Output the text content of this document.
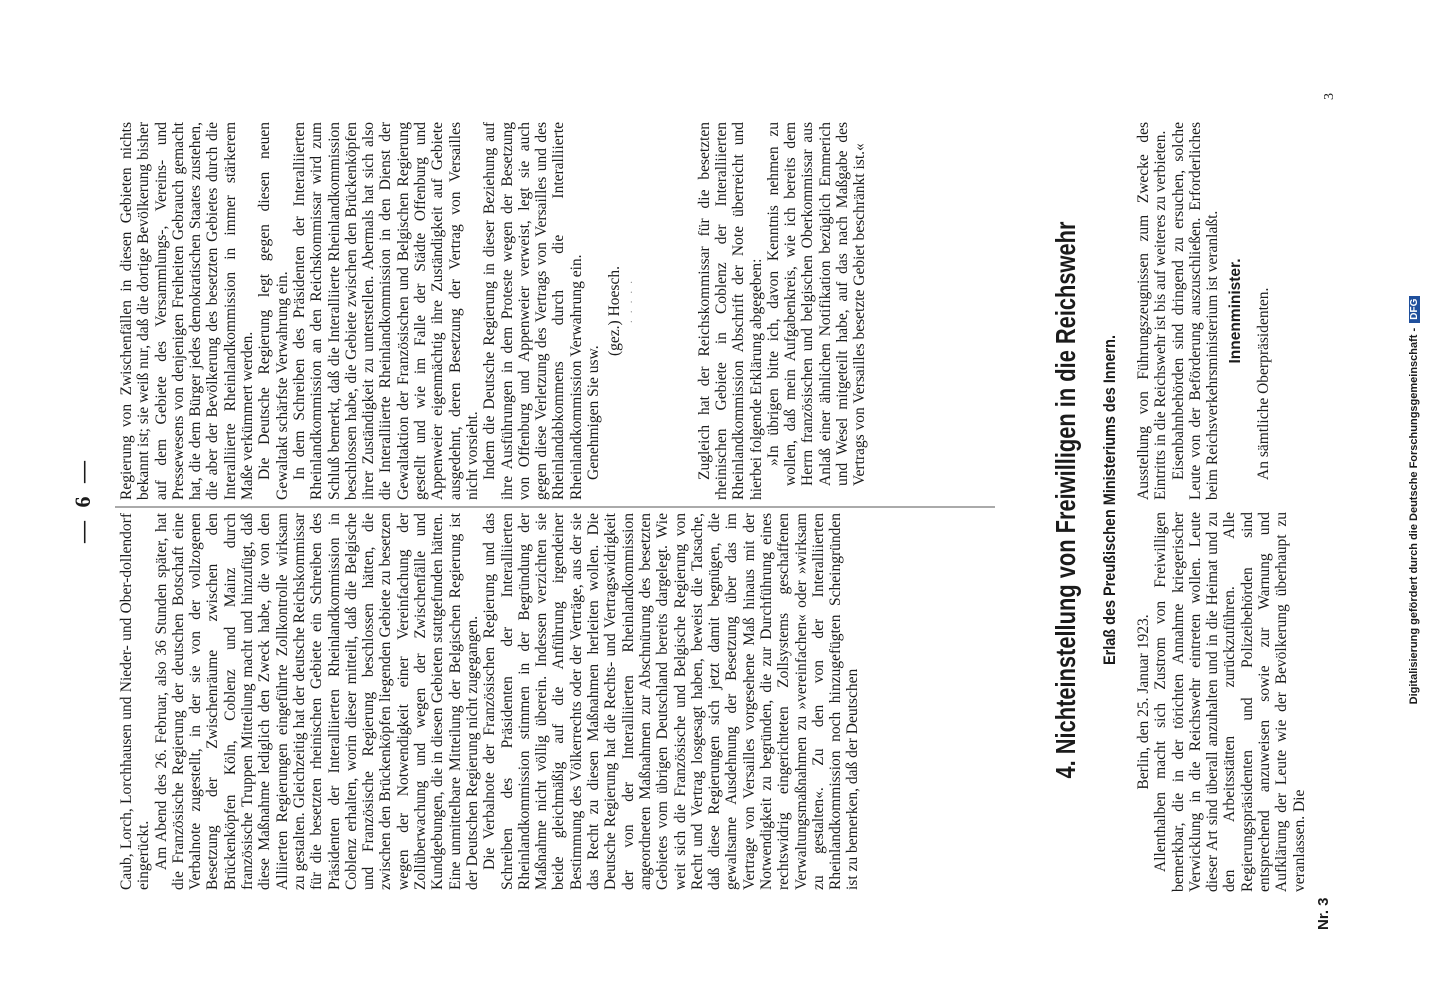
— 6 —

Caub, Lorch, Lorchhausen und Nieder- und Ober-dollendorf eingerückt. Am Abend des 26. Februar, also 36 Stunden später, hat die Französische Regierung der deutschen Botschaft eine Verbalnote zugestellt, in der sie von der vollzogenen Besetzung der Zwischenräume zwischen den Brückenköpfen Köln, Coblenz und Mainz durch französische Truppen Mitteilung macht und hinzufügt, daß diese Maßnahme lediglich den Zweck habe, die von den Alliierten Regierungen eingeführte Zollkontrolle wirksam zu gestalten. Gleichzeitig hat der deutsche Reichskommissar für die besetzten rheinischen Gebiete ein Schreiben des Präsidenten der Interalliierten Rheinlandkommission in Coblenz erhalten, worin dieser mitteilt, daß die Belgische und Französische Regierung beschlossen hätten, die zwischen den Brückenköpfen liegenden Gebiete zu besetzen wegen der Notwendigkeit einer Vereinfachung der Zollüberwachung und wegen der Zwischenfälle und Kundgebungen, die in diesen Gebieten stattgefunden hätten. Eine unmittelbare Mitteilung der Belgischen Regierung ist der Deutschen Regierung nicht zugegangen. Die Verbalnote der Französischen Regierung und das Schreiben des Präsidenten der Interalliierten Rheinlandkommission stimmen in der Begründung der Maßnahme nicht völlig überein. Indessen verzichten sie beide gleichmäßig auf die Anführung irgendeiner Bestimmung des Völkerrechts oder der Verträge, aus der sie das Recht zu diesen Maßnahmen herleiten wollen. Die Deutsche Regierung hat die Rechts- und Vertragswidrigkeit der von der Interalliierten Rheinlandkommission angeordneten Maßnahmen zur Abschnürung des besetzten Gebietes vom übrigen Deutschland bereits dargelegt. Wie weit sich die Französische und Belgische Regierung von Recht und Vertrag losgesagt haben, beweist die Tatsache, daß diese Regierungen sich jetzt damit begnügen, die gewaltsame Ausdehnung der Besetzung über das im Vertrage von Versailles vorgesehene Maß hinaus mit der Notwendigkeit zu begründen, die zur Durchführung eines rechtswidrig eingerichteten Zollsystems geschaffenen Verwaltungsmaßnahmen zu »vereinfachen« oder »wirksam zu gestalten«. Zu den von der Interalliierten Rheinlandkommission noch hinzugefügten Scheingründen ist zu bemerken, daß der Deutschen

Regierung von Zwischenfällen in diesen Gebieten nichts bekannt ist; sie weiß nur, daß die dortige Bevölkerung bisher auf dem Gebiete des Versammlungs-, Vereins- und Pressewesens von denjenigen Freiheiten Gebrauch gemacht hat, die dem Bürger jedes demokratischen Staates zustehen, die aber der Bevölkerung des besetzten Gebietes durch die Interalliierte Rheinlandkommission in immer stärkerem Maße verkümmert werden. Die Deutsche Regierung legt gegen diesen neuen Gewaltakt schärfste Verwahrung ein. In dem Schreiben des Präsidenten der Interalliierten Rheinlandkommission an den Reichskommissar wird zum Schluß bemerkt, daß die Interalliierte Rheinlandkommission beschlossen habe, die Gebiete zwischen den Brückenköpfen ihrer Zuständigkeit zu unterstellen. Abermals hat sich also die Interalliierte Rheinlandkommission in den Dienst der Gewaltaktion der Französischen und Belgischen Regierung gestellt und wie im Falle der Städte Offenburg und Appenweier eigenmächtig ihre Zuständigkeit auf Gebiete ausgedehnt, deren Besetzung der Vertrag von Versailles nicht vorsieht. Indem die Deutsche Regierung in dieser Beziehung auf ihre Ausführungen in dem Proteste wegen der Besetzung von Offenburg und Appenweier verweist, legt sie auch gegen diese Verletzung des Vertrags von Versailles und des Rheinlandabkommens durch die Interalliierte Rheinlandkommission Verwahrung ein. Genehmigen Sie usw.

(gez.) Hoesch. · · · · ·	Zugleich hat der Reichskommissar für die besetzten rheinischen Gebiete in Coblenz der Interalliierten Rheinlandkommission Abschrift der Note überreicht und hierbei folgende Erklärung abgegeben: »In übrigen bitte ich, davon Kenntnis nehmen zu wollen, daß mein Aufgabenkreis, wie ich bereits dem Herrn französischen und belgischen Oberkommissar aus Anlaß einer ähnlichen Notifikation bezüglich Emmerich und Wesel mitgeteilt habe, auf das nach Maßgabe des Vertrags von Versailles besetzte Gebiet beschränkt ist.«	4. Nichteinstellung von Freiwilligen in die Reichswehr Erlaß des Preußischen Ministeriums des Innern.

Berlin, den 25. Januar 1923. Allenthalben macht sich Zustrom von Freiwilligen bemerkbar, die in der törichten Annahme kriegerischer Verwicklung in die Reichswehr eintreten wollen. Leute dieser Art sind überall anzuhalten und in die Heimat und zu den Arbeitsstätten zurückzuführen. Alle Regierungspräsidenten und Polizeibehörden sind entsprechend anzuweisen sowie zur Warnung und Aufklärung der Leute wie der Bevölkerung überhaupt zu veranlassen. Die

Ausstellung von Führungszeugnissen zum Zwecke des Eintritts in die Reichswehr ist bis auf weiteres zu verbieten. Eisenbahnbehörden sind dringend zu ersuchen, solche Leute von der Beförderung auszuschließen. Erforderliches beim Reichsverkehrsministerium ist veranlaßt. Innenminister. An sämtliche Oberpräsidenten.

Nr. 3
3
Digitalisierung gefördert durch die Deutsche Forschungsgemeinschaft - DFG
